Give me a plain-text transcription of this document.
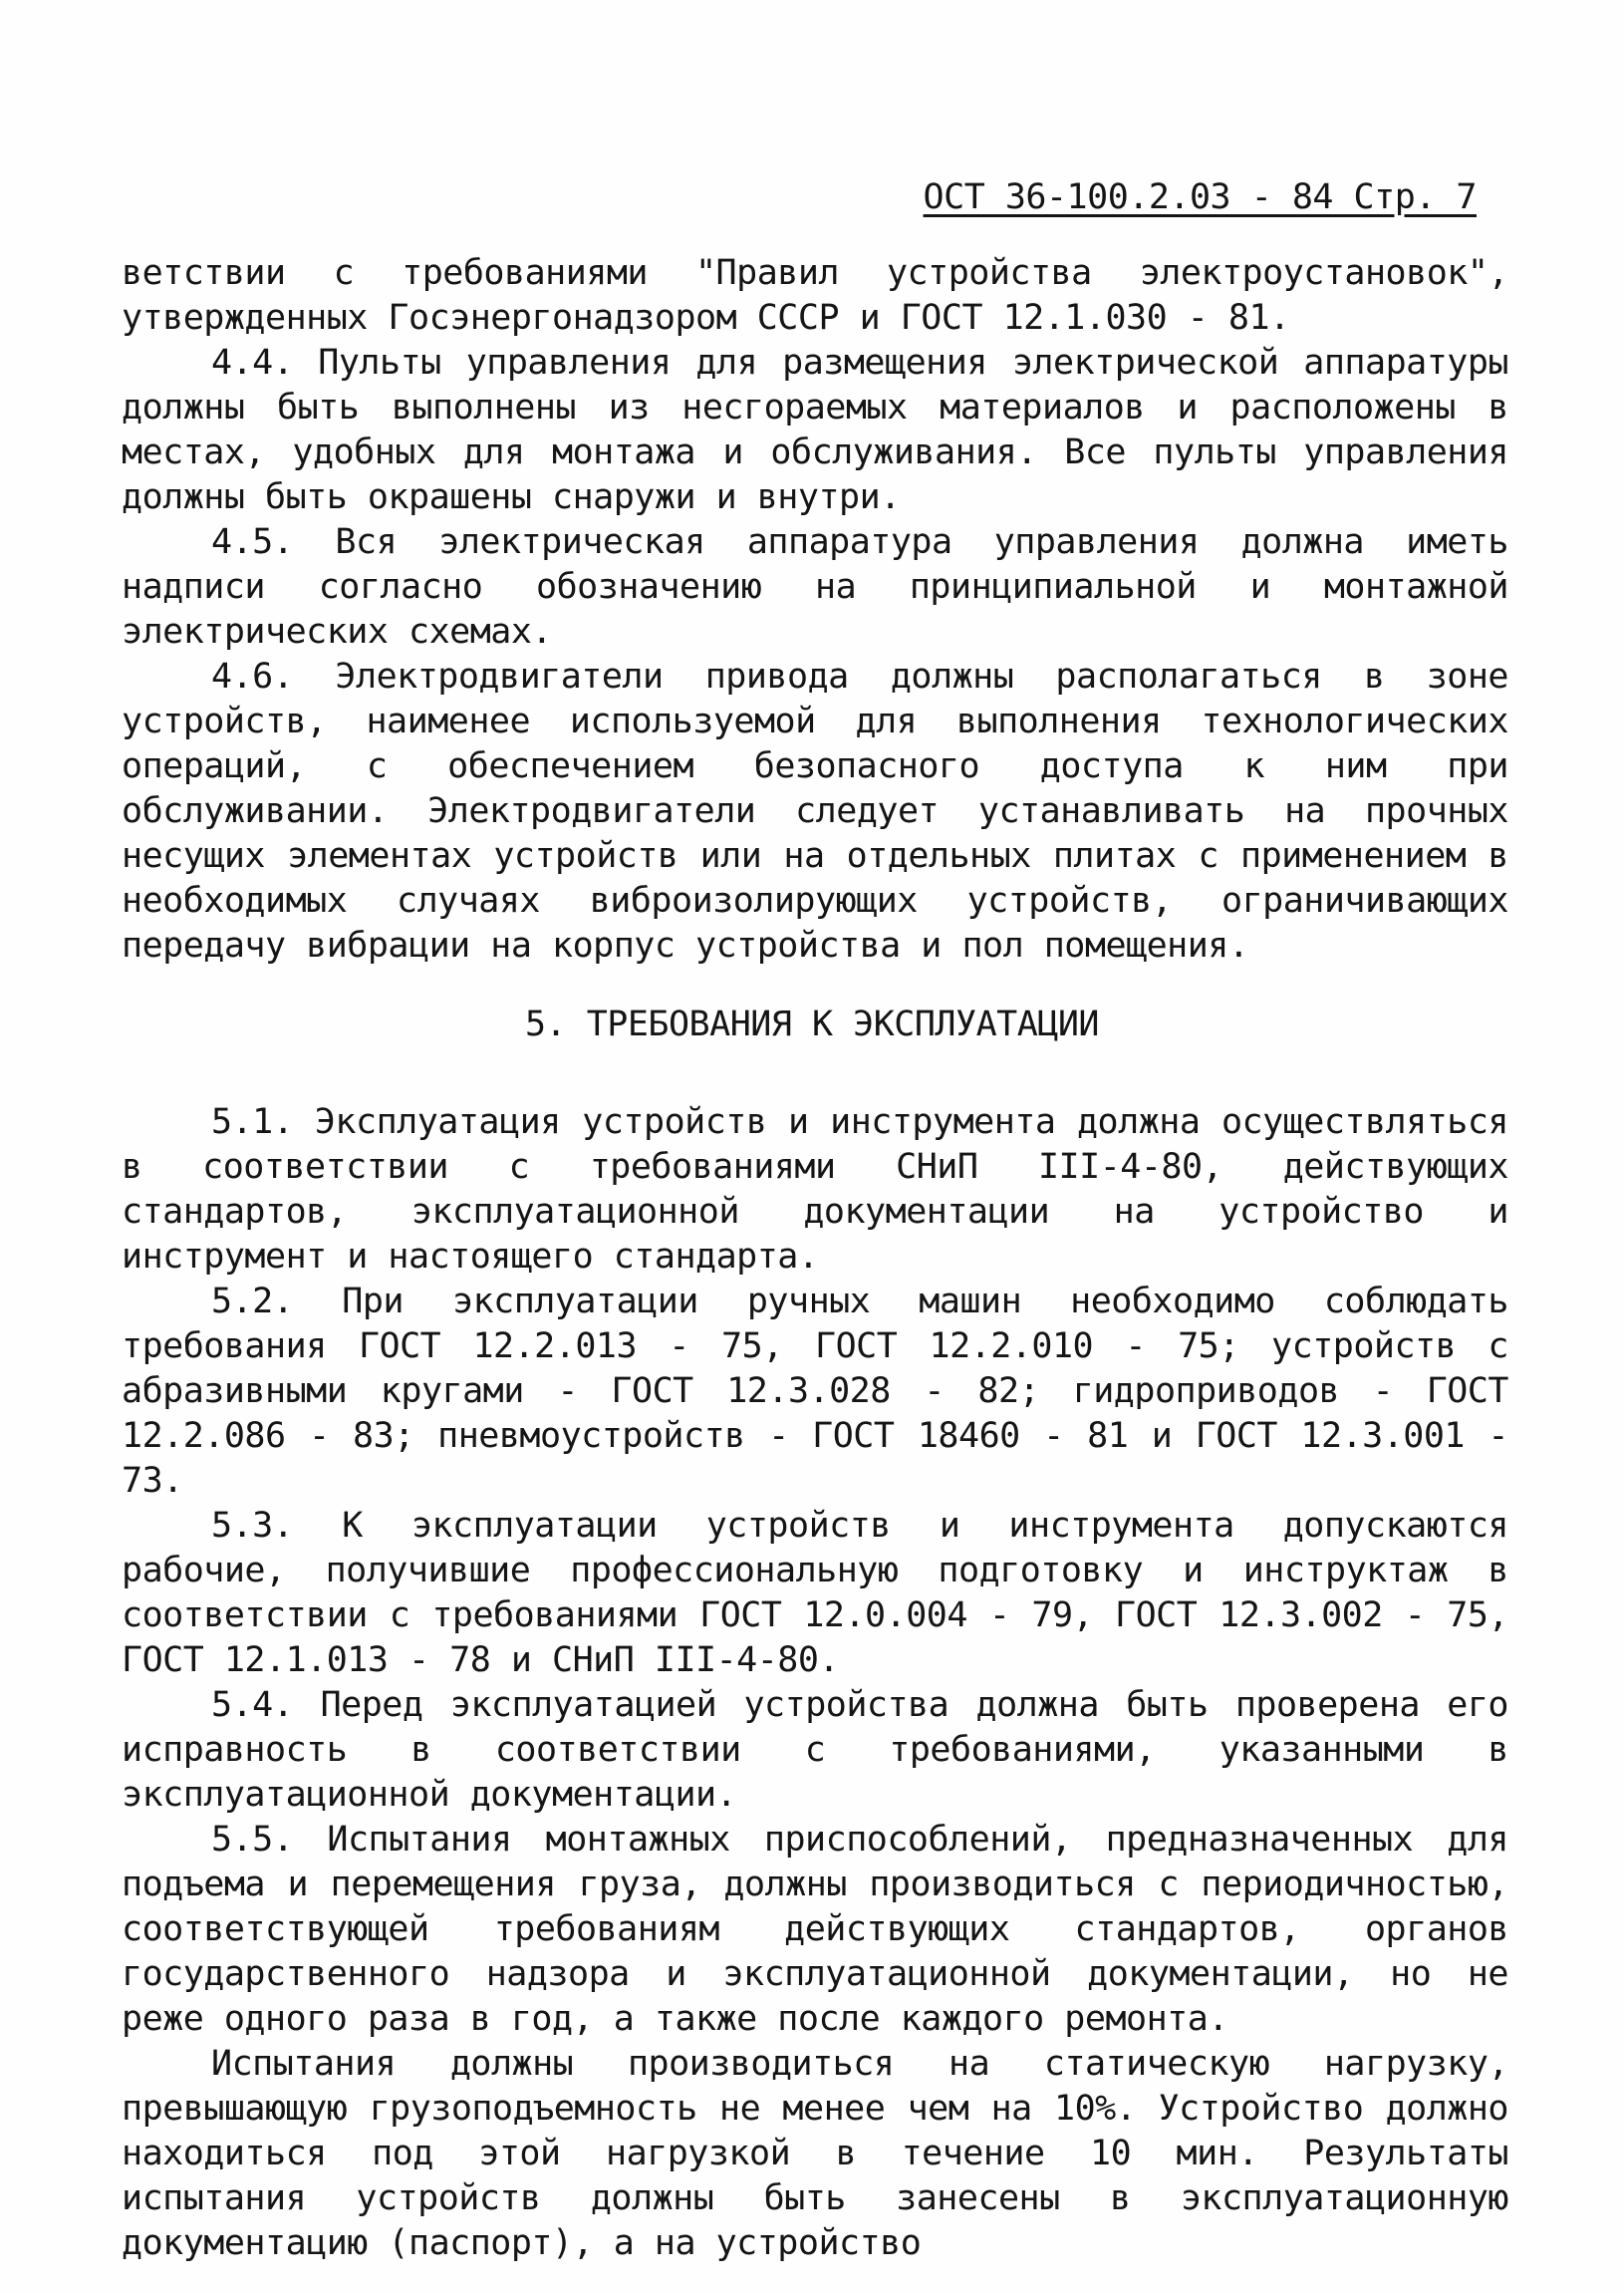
ОСТ 36-100.2.03 - 84 Стр. 7

ветствии с требованиями "Правил устройства электроустановок", утвержденных Госэнергонадзором СССР и ГОСТ 12.1.030 - 81.

4.4. Пульты управления для размещения электрической аппаратуры должны быть выполнены из несгораемых материалов и расположены в местах, удобных для монтажа и обслуживания. Все пульты управления должны быть окрашены снаружи и внутри.

4.5. Вся электрическая аппаратура управления должна иметь надписи согласно обозначению на принципиальной и монтажной электрических схемах.

4.6. Электродвигатели привода должны располагаться в зоне устройств, наименее используемой для выполнения технологических операций, с обеспечением безопасного доступа к ним при обслуживании. Электродвигатели следует устанавливать на прочных несущих элементах устройств или на отдельных плитах с применением в необходимых случаях виброизолирующих устройств, ограничивающих передачу вибрации на корпус устройства и пол помещения.

5. ТРЕБОВАНИЯ К ЭКСПЛУАТАЦИИ

5.1. Эксплуатация устройств и инструмента должна осуществляться в соответствии с требованиями СНиП III-4-80, действующих стандартов, эксплуатационной документации на устройство и инструмент и настоящего стандарта.

5.2. При эксплуатации ручных машин необходимо соблюдать требования ГОСТ 12.2.013 - 75, ГОСТ 12.2.010 - 75; устройств с абразивными кругами - ГОСТ 12.3.028 - 82; гидроприводов - ГОСТ 12.2.086 - 83; пневмоустройств - ГОСТ 18460 - 81 и ГОСТ 12.3.001 - 73.

5.3. К эксплуатации устройств и инструмента допускаются рабочие, получившие профессиональную подготовку и инструктаж в соответствии с требованиями ГОСТ 12.0.004 - 79, ГОСТ 12.3.002 - 75, ГОСТ 12.1.013 - 78 и СНиП III-4-80.

5.4. Перед эксплуатацией устройства должна быть проверена его исправность в соответствии с требованиями, указанными в эксплуатационной документации.

5.5. Испытания монтажных приспособлений, предназначенных для подъема и перемещения груза, должны производиться с периодичностью, соответствующей требованиям действующих стандартов, органов государственного надзора и эксплуатационной документации, но не реже одного раза в год, а также после каждого ремонта.

Испытания должны производиться на статическую нагрузку, превышающую грузоподъемность не менее чем на 10%. Устройство должно находиться под этой нагрузкой в течение 10 мин. Результаты испытания устройств должны быть занесены в эксплуатационную документацию (паспорт), а на устройство
